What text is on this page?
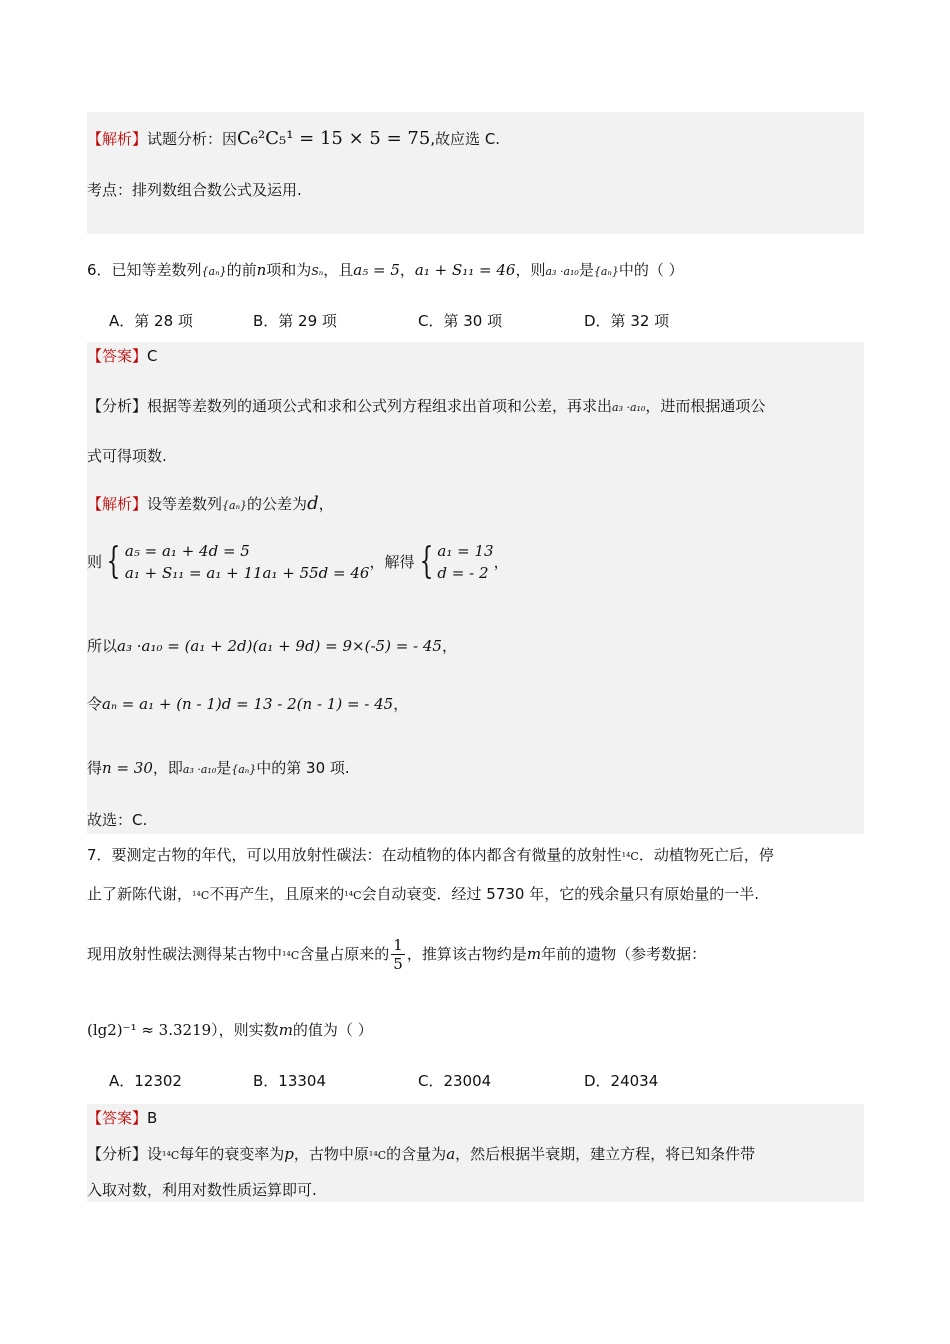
【解析】试题分析：因C₆²C₅¹ = 15 × 5 = 75,故应选 C.
考点：排列数组合数公式及运用.
6．已知等差数列{aₙ}的前n项和为Sₙ，且a₅ = 5，a₁ + S₁₁ = 46，则a₃ ·a₁₀是{aₙ}中的（ ）
A．第 28 项	B．第 29 项	C．第 30 项	D．第 32 项
【答案】C
【分析】根据等差数列的通项公式和求和公式列方程组求出首项和公差，再求出a₃ ·a₁₀，进而根据通项公
式可得项数.
【解析】设等差数列{aₙ}的公差为d，
则 { a₅ = a₁ + 4d = 5
a₁ + S₁₁ = a₁ + 11a₁ + 55d = 46
，解得 { a₁ = 13
d = - 2
，
所以a₃ ·a₁₀ = (a₁ + 2d)(a₁ + 9d) = 9×(-5) = - 45，
令aₙ = a₁ + (n - 1)d = 13 - 2(n - 1) = - 45，
得n = 30，即a₃ ·a₁₀是{aₙ}中的第 30 项.
故选：C.
7．要测定古物的年代，可以用放射性碳法：在动植物的体内都含有微量的放射性¹⁴C．动植物死亡后，停
止了新陈代谢，¹⁴C不再产生，且原来的¹⁴C会自动衰变．经过 5730 年，它的残余量只有原始量的一半.
现用放射性碳法测得某古物中¹⁴C含量占原来的 $\frac{1}{5}$ ，推算该古物约是m年前的遗物（参考数据：
(lg2)⁻¹ ≈ 3.3219），则实数m的值为（ ）
A．12302	B．13304	C．23004	D．24034
【答案】B
【分析】设¹⁴C每年的衰变率为p，古物中原¹⁴C的含量为a，然后根据半衰期，建立方程，将已知条件带
入取对数，利用对数性质运算即可.
